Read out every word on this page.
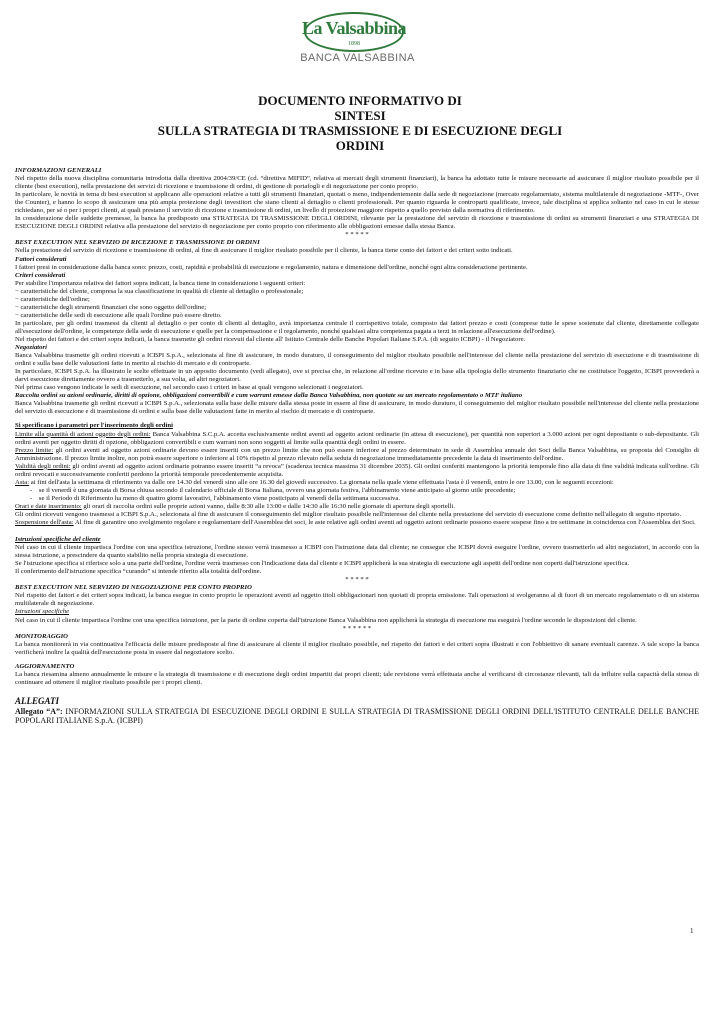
La Valsabbina
1898
BANCA VALSABBINA
DOCUMENTO INFORMATIVO DI
SINTESI
SULLA STRATEGIA DI TRASMISSIONE E DI ESECUZIONE DEGLI
ORDINI

INFORMAZIONI GENERALI

Nel rispetto della nuova disciplina comunitaria introdotta dalla direttiva 2004/39/CE (cd. “direttiva MIFID”, relativa ai mercati degli strumenti finanziari), la banca ha adottato tutte le misure necessarie ad assicurare il miglior risultato possibile per il cliente (best execution), nella prestazione dei servizi di ricezione e trasmissione di ordini, di gestione di portafogli e di negoziazione per conto proprio.

In particolare, le novità in tema di best execution si applicano alle operazioni relative a tutti gli strumenti finanziari, quotati o meno, indipendentemente dalla sede di negoziazione (mercato regolamentato, sistema multilaterale di negoziazione -MTF-, Over the Counter), e hanno lo scopo di assicurare una più ampia protezione degli investitori che siano clienti al dettaglio o clienti professionali. Per quanto riguarda le controparti qualificate, invece, tale disciplina si applica soltanto nel caso in cui le stesse richiedano, per sé o per i propri clienti, ai quali prestano il servizio di ricezione e trasmissione di ordini, un livello di protezione maggiore rispetto a quello previsto dalla normativa di riferimento.

In considerazione delle suddette premesse, la banca ha predisposto una STRATEGIA DI TRASMISSIONE DEGLI ORDINI, rilevante per la prestazione del servizio di ricezione e trasmissione di ordini su strumenti finanziari e una STRATEGIA DI ESECUZIONE DEGLI ORDINI relativa alla prestazione del servizio di negoziazione per conto proprio con riferimento alle obbligazioni emesse dalla stessa Banca.

* * * * *

BEST EXECUTION NEL SERVIZIO DI RICEZIONE E TRASMISSIONE DI ORDINI

Nella prestazione del servizio di ricezione e trasmissione di ordini, al fine di assicurare il miglior risultato possibile per il cliente, la banca tiene conto dei fattori e dei criteri sotto indicati.

Fattori considerati

I fattori presi in considerazione dalla banca sono: prezzo, costi, rapidità e probabilità di esecuzione e regolamento, natura e dimensione dell'ordine, nonché ogni altra considerazione pertinente.

Criteri considerati

Per stabilire l'importanza relativa dei fattori sopra indicati, la banca tiene in considerazione i seguenti criteri:

− caratteristiche del cliente, compresa la sua classificazione in qualità di cliente al dettaglio o professionale;

− caratteristiche dell'ordine;

− caratteristiche degli strumenti finanziari che sono oggetto dell'ordine;

− caratteristiche delle sedi di esecuzione alle quali l'ordine può essere diretto.

In particolare, per gli ordini trasmessi da clienti al dettaglio o per conto di clienti al dettaglio, avrà importanza centrale il corrispettivo totale, composto dai fattori prezzo e costi (comprese tutte le spese sostenute dal cliente, direttamente collegate all'esecuzione dell'ordine, le competenze della sede di esecuzione e quelle per la compensazione e il regolamento, nonché qualsiasi altra competenza pagata a terzi in relazione all'esecuzione dell'ordine).

Nel rispetto dei fattori e dei criteri sopra indicati, la banca trasmette gli ordini ricevuti dal cliente all' Istituto Centrale delle Banche Popolari Italiane S.P.A. (di seguito ICBPI) - il Negoziatore.

Negoziatori

Banca Valsabbina trasmette gli ordini ricevuti a ICBPI S.p.A., selezionata al fine di assicurare, in modo duraturo, il conseguimento del miglior risultato possibile nell'interesse del cliente nella prestazione del servizio di esecuzione e di trasmissione di ordini e sulla base delle valutazioni fatte in merito al rischio di mercato e di controparte.

In particolare, ICBPI S.p.A. ha illustrato le scelte effettuate in un apposito documento (vedi allegato), ove si precisa che, in relazione all'ordine ricevuto e in base alla tipologia dello strumento finanziario che ne costituisce l'oggetto, ICBPI provvederà a darvi esecuzione direttamente ovvero a trasmetterlo, a sua volta, ad altri negoziatori.

Nel prima caso vengono indicate le sedi di esecuzione, nel secondo caso i criteri in base ai quali vengono selezionati i negoziatori.

Raccolta ordini su azioni ordinarie, diritti di opzione, obbligazioni convertibili e cum warrant emesse dalla Banca Valsabbina, non quotate su un mercato regolamentato o MTF italiano

Banca Valsabbina trasmette gli ordini ricevuti a ICBPI S.p.A., selezionata sulla base delle misure dalla stessa poste in essere al fine di assicurare, in modo duraturo, il conseguimento del miglior risultato possibile nell'interesse del cliente nella prestazione del servizio di esecuzione e di trasmissione di ordini e sulla base delle valutazioni fatte in merito al rischio di mercato e di controparte.

Si specificano i parametri per l'inserimento degli ordini

Limite alla quantità di azioni oggetto degli ordini: Banca Valsabbina S.C.p.A. accetta esclusivamente ordini aventi ad oggetto azioni ordinarie (in attesa di esecuzione), per quantità non superiori a 3.000 azioni per ogni depositante o sub-depositante. Gli ordini aventi per oggetto diritti di opzione, obbligazioni convertibili e cum warrant non sono soggetti al limite sulla quantità degli ordini in essere.

Prezzo limite: gli ordini aventi ad oggetto azioni ordinarie devono essere inseriti con un prezzo limite che non può essere inferiore al prezzo determinato in sede di Assemblea annuale dei Soci della Banca Valsabbina, su proposta del Consiglio di Amministrazione. Il prezzo limite inoltre, non potrà essere superiore o inferiore al 10% rispetto al prezzo rilevato nella seduta di negoziazione immediatamente precedente la data di inserimento dell'ordine.

Validità degli ordini: gli ordini aventi ad oggetto azioni ordinarie potranno essere inseriti “a revoca” (scadenza tecnica massima 31 dicembre 2035). Gli ordini conferiti mantengono la priorità temporale fino alla data di fine validità indicata sull'ordine. Gli ordini revocati e successivamente conferiti perdono la priorità temporale precedentemente acquisita.

Asta: ai fini dell'asta la settimana di riferimento va dalle ore 14.30 del venerdì sino alle ore 16.30 del giovedì successivo. La giornata nella quale viene effettuata l'asta è il venerdì, entro le ore 13.00, con le seguenti eccezioni:

-    se il venerdì è una giornata di Borsa chiusa secondo il calendario ufficiale di Borsa Italiana, ovvero una giornata festiva, l'abbinamento viene anticipato al giorno utile precedente;

-    se il Periodo di Riferimento ha meno di quattro giorni lavorativi, l'abbinamento viene posticipato al venerdì della settimana successiva.

Orari e date inserimento: gli orari di raccolta ordini sulle proprie azioni vanno, dalle 8:30 alle 13:00 e dalle 14:30 alle 16:30 nelle giornate di apertura degli sportelli.

Gli ordini ricevuti vengono trasmessi a ICBPI S.p.A., selezionata al fine di assicurare il conseguimento del miglior risultato possibile nell'interesse del cliente nella prestazione del servizio di esecuzione come definito nell'allegato di seguito riportato.

Sospensione dell'asta: Al fine di garantire uno svolgimento regolare e regolamentare dell'Assemblea dei soci, le aste relative agli ordini aventi ad oggetto azioni ordinarie possono essere sospese fino a tre settimane in coincidenza con l'Assemblea dei Soci.

Istruzioni specifiche del cliente

Nel caso in cui il cliente impartisca l'ordine con una specifica istruzione, l'ordine stesso verrà trasmesso a ICBPI con l'istruzione data dal cliente; ne consegue che ICBPI dovrà eseguire l'ordine, ovvero trasmetterlo ad altri negoziatori, in accordo con la stessa istruzione, a prescindere da quanto stabilito nella propria strategia di esecuzione.

Se l'istruzione specifica si riferisce solo a una parte dell'ordine, l'ordine verrà trasmesso con l'indicazione data dal cliente e ICBPI applicherà la sua strategia di esecuzione agli aspetti dell'ordine non coperti dall'istruzione specifica.

Il conferimento dell'istruzione specifica “curando” si intende riferito alla totalità dell'ordine.

* * * * *

BEST EXECUTION NEL SERVIZIO DI NEGOZIAZIONE PER CONTO PROPRIO

Nel rispetto dei fattori e dei criteri sopra indicati, la banca esegue in conto proprio le operazioni aventi ad oggetto titoli obbligazionari non quotati di propria emissione. Tali operazioni si svolgeranno al di fuori di un mercato regolamentato o di un sistema multilaterale di negoziazione.

Istruzioni specifiche

Nel caso in cui il cliente impartisca l'ordine con una specifica istruzione, per la parte di ordine coperta dall'istruzione Banca Valsabbina non applicherà la strategia di esecuzione ma eseguirà l'ordine secondo le disposizioni del cliente.

* * * * * *

MONITORAGGIO

La banca monitorerà in via continuativa l'efficacia delle misure predisposte al fine di assicurare al cliente il miglior risultato possibile, nel rispetto dei fattori e dei criteri sopra illustrati e con l'obbiettivo di sanare eventuali carenze. A tale scopo la banca verificherà inoltre la qualità dell'esecuzione posta in essere dal negoziatore scelto.

AGGIORNAMENTO

La banca riesamina almeno annualmente le misure e la strategia di trasmissione e di esecuzione degli ordini impartiti dai propri clienti; tale revisione verrà effettuata anche al verificarsi di circostanze rilevanti, tali da influire sulla capacità della stessa di continuare ad ottenere il miglior risultato possibile per i propri clienti.

ALLEGATI

Allegato “A”: INFORMAZIONI SULLA STRATEGIA DI ESECUZIONE DEGLI ORDINI E SULLA STRATEGIA DI TRASMISSIONE DEGLI ORDINI DELL'ISTITUTO CENTRALE DELLE BANCHE POPOLARI ITALIANE S.p.A. (ICBPI)

1
